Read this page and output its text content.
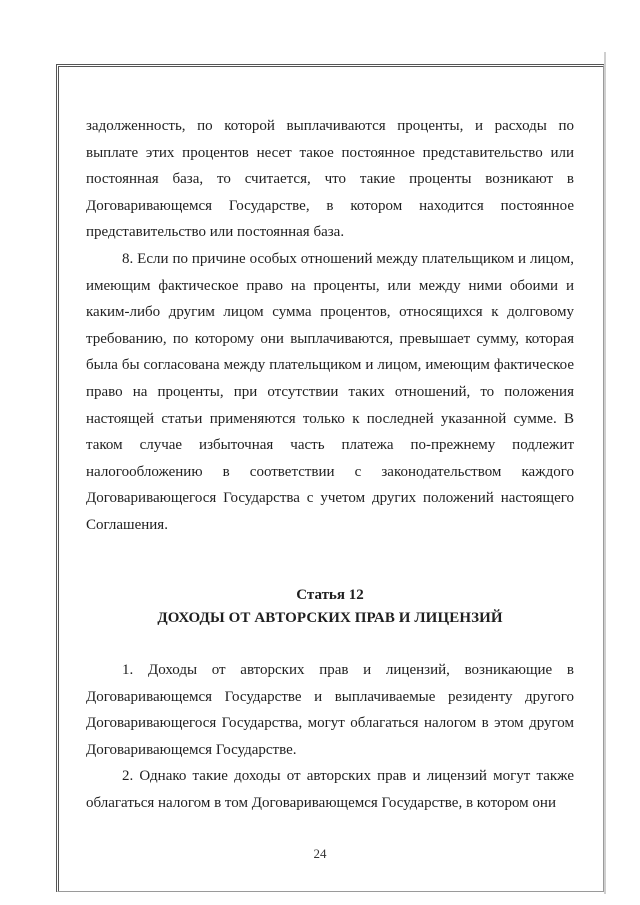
задолженность, по которой выплачиваются проценты, и расходы по выплате этих процентов несет такое постоянное представительство или постоянная база, то считается, что такие проценты возникают в Договаривающемся Государстве, в котором находится постоянное представительство или постоянная база.

8. Если по причине особых отношений между плательщиком и лицом, имеющим фактическое право на проценты, или между ними обоими и каким-либо другим лицом сумма процентов, относящихся к долговому требованию, по которому они выплачиваются, превышает сумму, которая была бы согласована между плательщиком и лицом, имеющим фактическое право на проценты, при отсутствии таких отношений, то положения настоящей статьи применяются только к последней указанной сумме. В таком случае избыточная часть платежа по-прежнему подлежит налогообложению в соответствии с законодательством каждого Договаривающегося Государства с учетом других положений настоящего Соглашения.

Статья 12
ДОХОДЫ ОТ АВТОРСКИХ ПРАВ И ЛИЦЕНЗИЙ

1. Доходы от авторских прав и лицензий, возникающие в Договаривающемся Государстве и выплачиваемые резиденту другого Договаривающегося Государства, могут облагаться налогом в этом другом Договаривающемся Государстве.

2. Однако такие доходы от авторских прав и лицензий могут также облагаться налогом в том Договаривающемся Государстве, в котором они

24
